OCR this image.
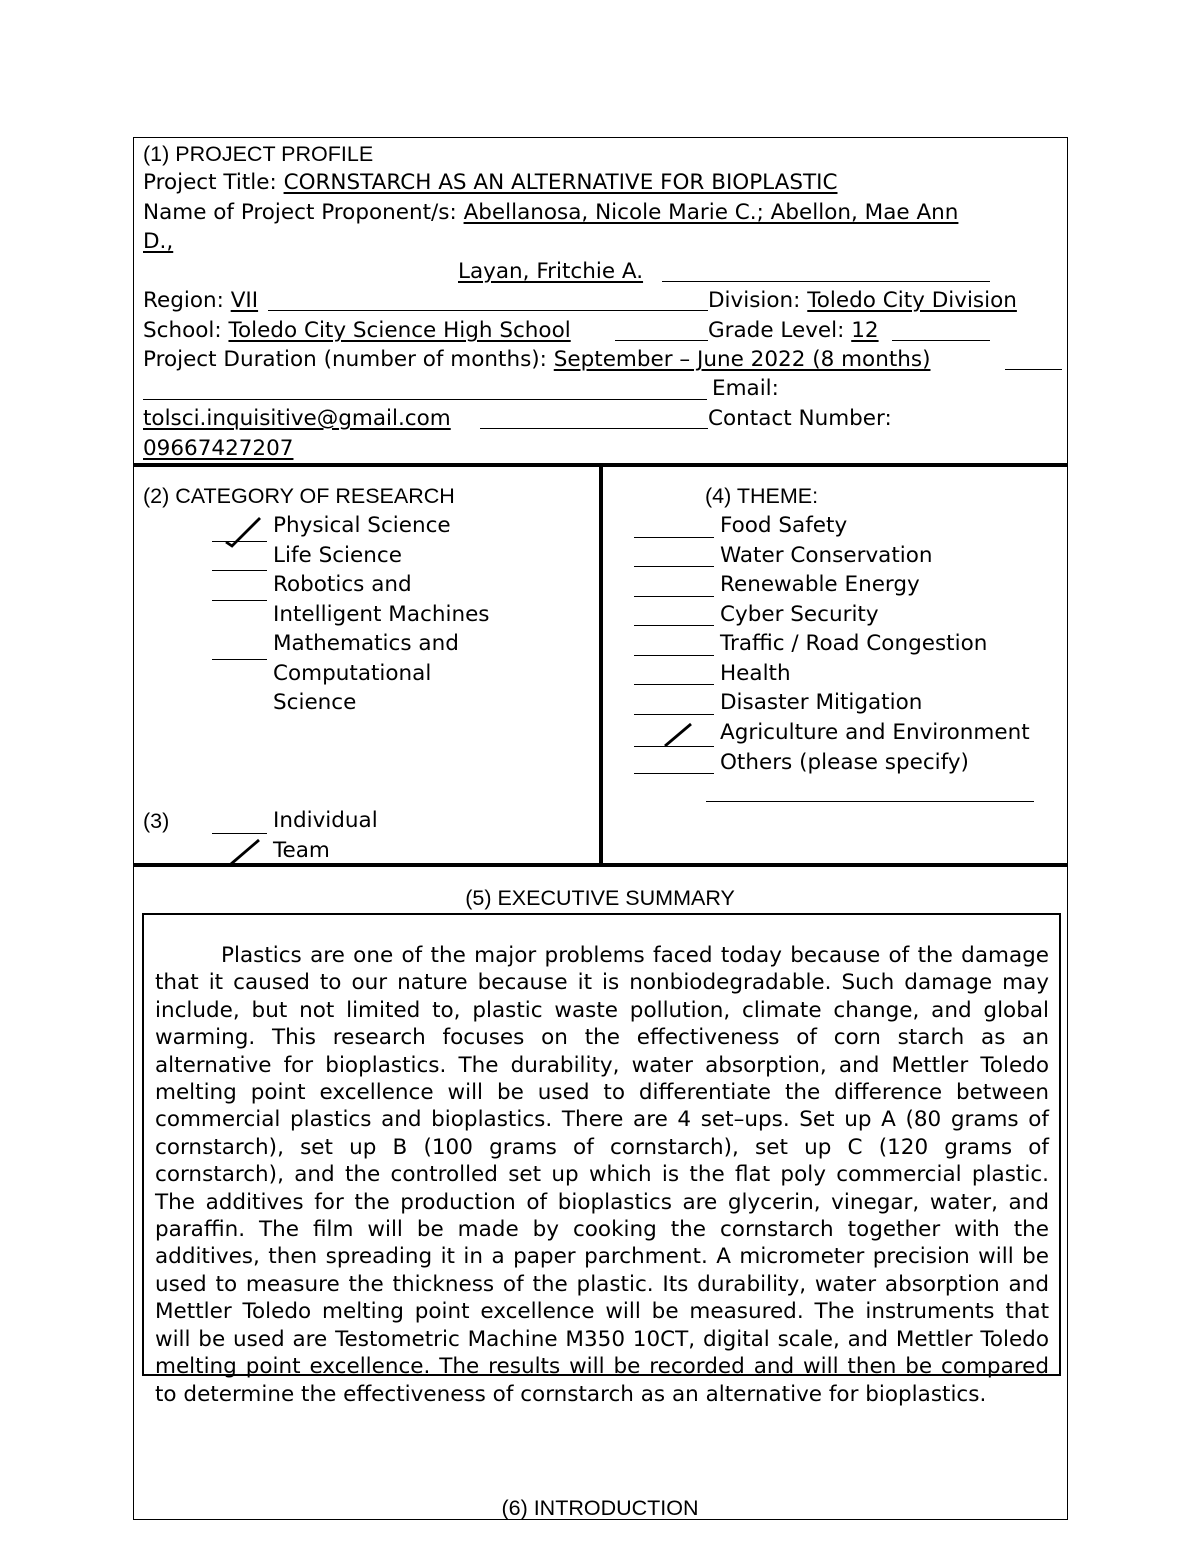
(1) PROJECT PROFILE
Project Title: CORNSTARCH AS AN ALTERNATIVE FOR BIOPLASTIC
Name of Project Proponent/s: Abellanosa, Nicole Marie C.; Abellon, Mae Ann
D.,
Layan, Fritchie A.
Region: VII	Division: Toledo City Division
School: Toledo City Science High School	Grade Level: 12
Project Duration (number of months): September – June 2022 (8 months)
Email:
tolsci.inquisitive@gmail.com	Contact Number:
09667427207
(2) CATEGORY OF RESEARCH
Physical Science
Life Science
Robotics and
Intelligent Machines
Mathematics and
Computational
Science
(3)	Individual
Team
(4) THEME:
Food Safety
Water Conservation
Renewable Energy
Cyber Security
Traffic / Road Congestion
Health
Disaster Mitigation
Agriculture and Environment
Others (please specify)
(5) EXECUTIVE SUMMARY

Plastics are one of the major problems faced today because of the damage that it caused to our nature because it is nonbiodegradable. Such damage may include, but not limited to, plastic waste pollution, climate change, and global warming. This research focuses on the effectiveness of corn starch as an alternative for bioplastics. The durability, water absorption, and Mettler Toledo melting point excellence will be used to differentiate the difference between commercial plastics and bioplastics. There are 4 set–ups. Set up A (80 grams of cornstarch), set up B (100 grams of cornstarch), set up C (120 grams of cornstarch), and the controlled set up which is the flat poly commercial plastic. The additives for the production of bioplastics are glycerin, vinegar, water, and paraffin. The film will be made by cooking the cornstarch together with the additives, then spreading it in a paper parchment. A micrometer precision will be used to measure the thickness of the plastic. Its durability, water absorption and Mettler Toledo melting point excellence will be measured. The instruments that will be used are Testometric Machine M350 10CT, digital scale, and Mettler Toledo melting point excellence. The results will be recorded and will then be compared to determine the effectiveness of cornstarch as an alternative for bioplastics.

(6) INTRODUCTION
